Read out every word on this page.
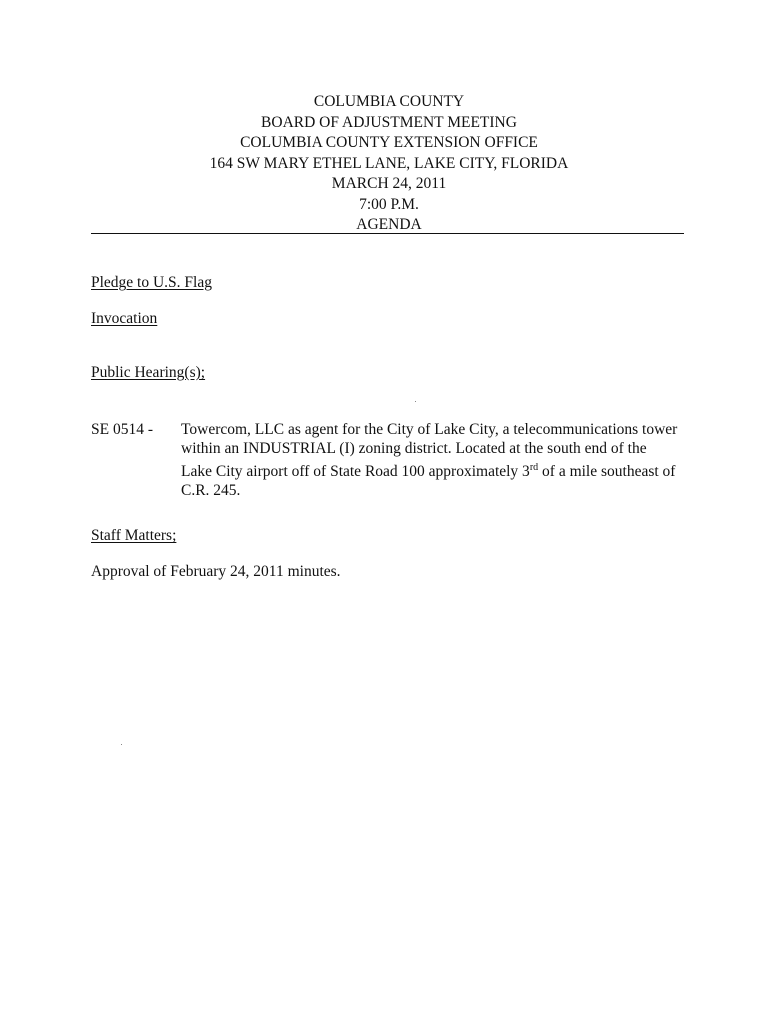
COLUMBIA COUNTY
BOARD OF ADJUSTMENT MEETING
COLUMBIA COUNTY EXTENSION OFFICE
164 SW MARY ETHEL LANE, LAKE CITY, FLORIDA
MARCH 24, 2011
7:00 P.M.
AGENDA
Pledge to U.S. Flag
Invocation
Public Hearing(s);
SE 0514 - Towercom, LLC as agent for the City of Lake City, a telecommunications tower within an INDUSTRIAL (I) zoning district. Located at the south end of the Lake City airport off of State Road 100 approximately 3rd of a mile southeast of C.R. 245.
Staff Matters;
Approval of February 24, 2011 minutes.
